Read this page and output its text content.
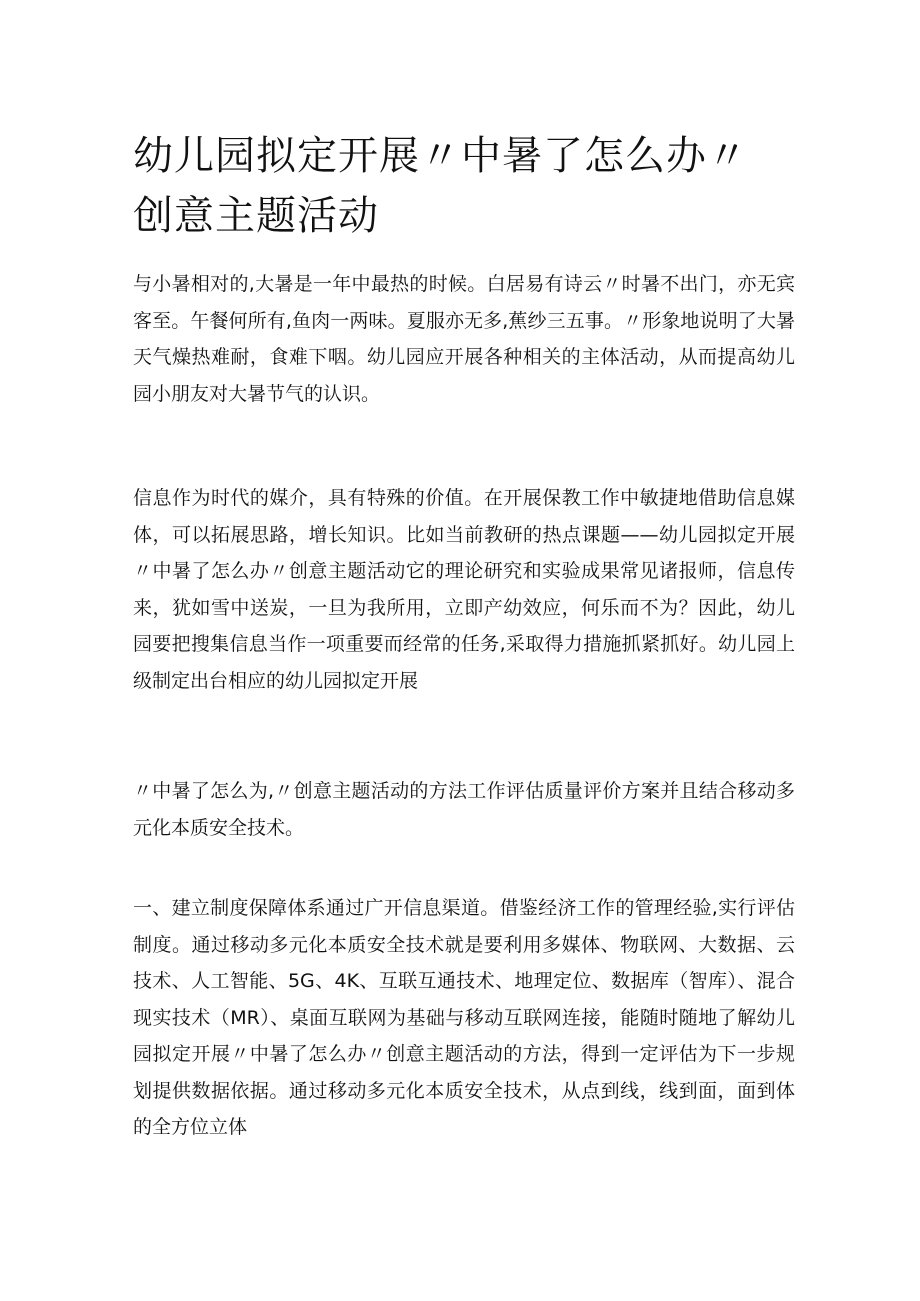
幼儿园拟定开展〃中暑了怎么办〃创意主题活动

与小暑相对的,大暑是一年中最热的时候。白居易有诗云〃时暑不出门，亦无宾客至。午餐何所有,鱼肉一两味。夏服亦无多,蕉纱三五事。〃形象地说明了大暑天气燥热难耐，食难下咽。幼儿园应开展各种相关的主体活动，从而提高幼儿园小朋友对大暑节气的认识。

信息作为时代的媒介，具有特殊的价值。在开展保教工作中敏捷地借助信息媒体，可以拓展思路，增长知识。比如当前教研的热点课题——幼儿园拟定开展〃中暑了怎么办〃创意主题活动它的理论研究和实验成果常见诸报师，信息传来，犹如雪中送炭，一旦为我所用，立即产幼效应，何乐而不为？因此，幼儿园要把搜集信息当作一项重要而经常的任务,采取得力措施抓紧抓好。幼儿园上级制定出台相应的幼儿园拟定开展

〃中暑了怎么为,〃创意主题活动的方法工作评估质量评价方案并且结合移动多元化本质安全技术。

一、建立制度保障体系通过广开信息渠道。借鉴经济工作的管理经验,实行评估制度。通过移动多元化本质安全技术就是要利用多媒体、物联网、大数据、云技术、人工智能、5G、4K、互联互通技术、地理定位、数据库（智库）、混合现实技术（MR）、桌面互联网为基础与移动互联网连接，能随时随地了解幼儿园拟定开展〃中暑了怎么办〃创意主题活动的方法，得到一定评估为下一步规划提供数据依据。通过移动多元化本质安全技术，从点到线，线到面，面到体的全方位立体
